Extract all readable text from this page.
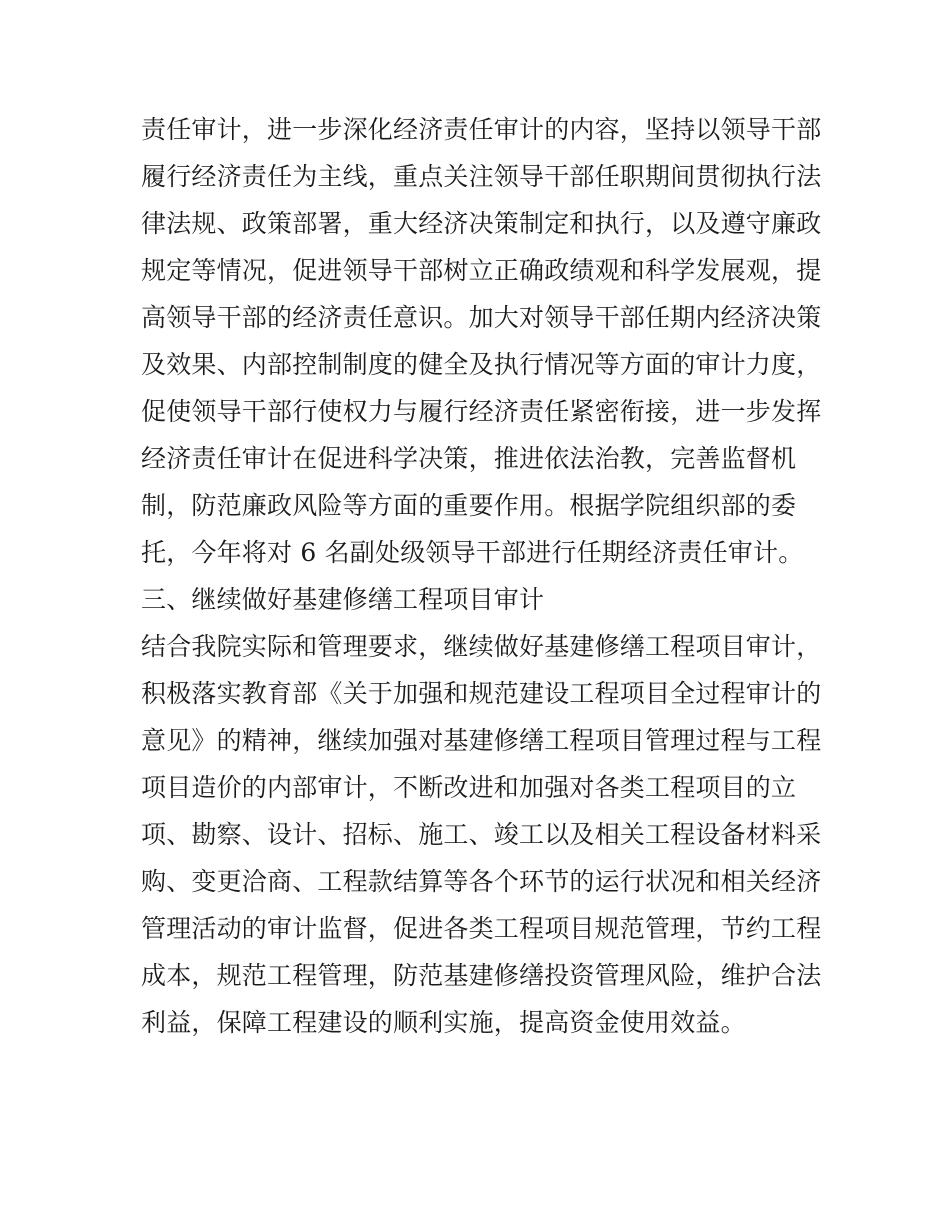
责任审计，进一步深化经济责任审计的内容，坚持以领导干部
履行经济责任为主线，重点关注领导干部任职期间贯彻执行法
律法规、政策部署，重大经济决策制定和执行，以及遵守廉政
规定等情况，促进领导干部树立正确政绩观和科学发展观，提
高领导干部的经济责任意识。加大对领导干部任期内经济决策
及效果、内部控制制度的健全及执行情况等方面的审计力度，
促使领导干部行使权力与履行经济责任紧密衔接，进一步发挥
经济责任审计在促进科学决策，推进依法治教，完善监督机
制，防范廉政风险等方面的重要作用。根据学院组织部的委
托，今年将对 6 名副处级领导干部进行任期经济责任审计。
三、继续做好基建修缮工程项目审计
结合我院实际和管理要求，继续做好基建修缮工程项目审计，
积极落实教育部《关于加强和规范建设工程项目全过程审计的
意见》的精神，继续加强对基建修缮工程项目管理过程与工程
项目造价的内部审计，不断改进和加强对各类工程项目的立
项、勘察、设计、招标、施工、竣工以及相关工程设备材料采
购、变更洽商、工程款结算等各个环节的运行状况和相关经济
管理活动的审计监督，促进各类工程项目规范管理，节约工程
成本，规范工程管理，防范基建修缮投资管理风险，维护合法
利益，保障工程建设的顺利实施，提高资金使用效益。
